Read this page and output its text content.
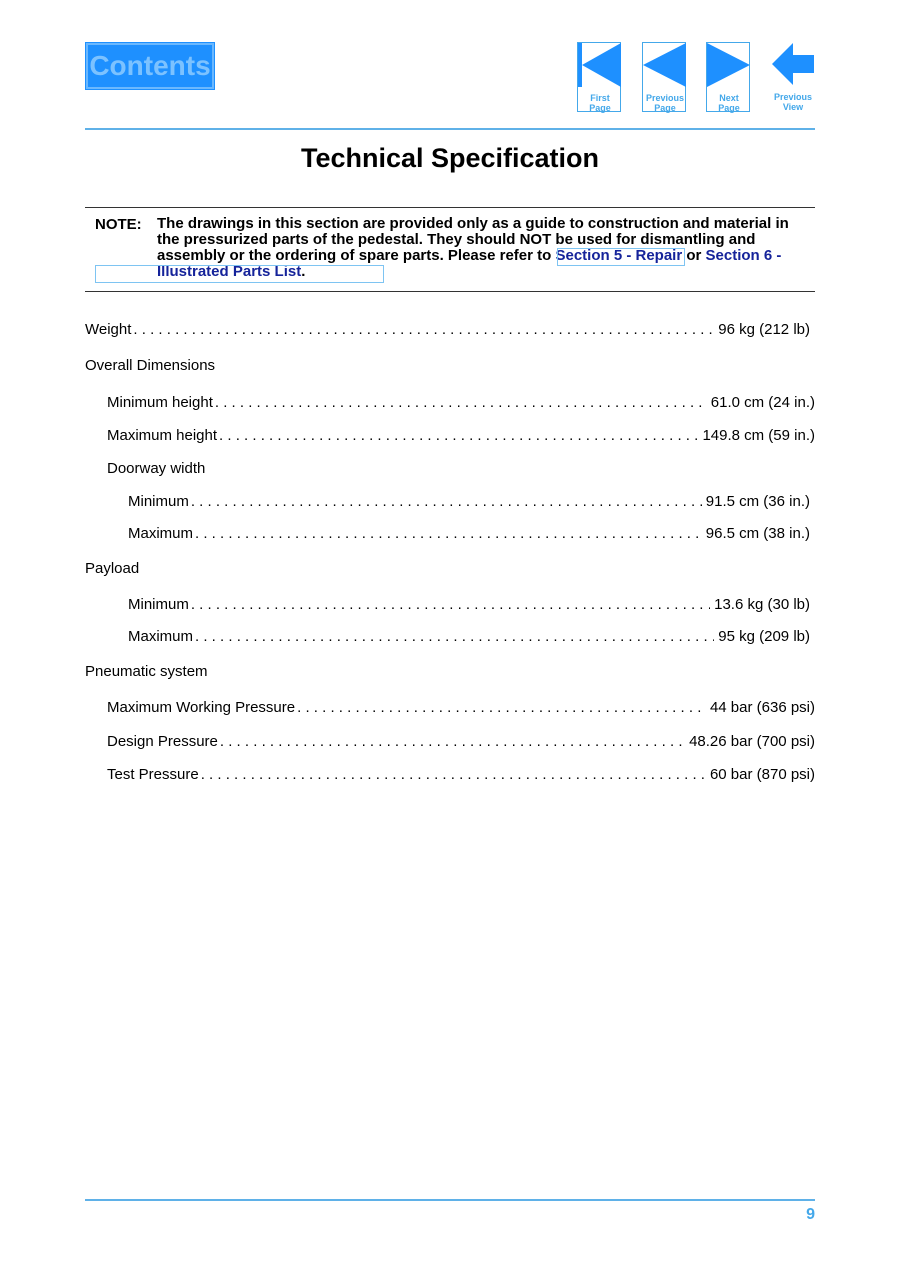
Contents
First
Page
Previous
Page
Next
Page
Previous
View
Technical Specification
NOTE: The drawings in this section are provided only as a guide to construction and material in the pressurized parts of the pedestal. They should NOT be used for dismantling and assembly or the ordering of spare parts. Please refer to Section 5 - Repair or Section 6 - Illustrated Parts List.
Weight . . .	96 kg (212 lb)
Overall Dimensions
Minimum height . . .	61.0 cm (24 in.)
Maximum height . . .	149.8 cm (59 in.)
Doorway width
Minimum . . .	91.5 cm (36 in.)
Maximum . . .	96.5 cm (38 in.)
Payload
Minimum . . .	13.6 kg (30 lb)
Maximum . . .	95 kg (209 lb)
Pneumatic system
Maximum Working Pressure . . .	44 bar (636 psi)
Design Pressure . . .	48.26 bar (700 psi)
Test Pressure . . .	60 bar (870 psi)
9
